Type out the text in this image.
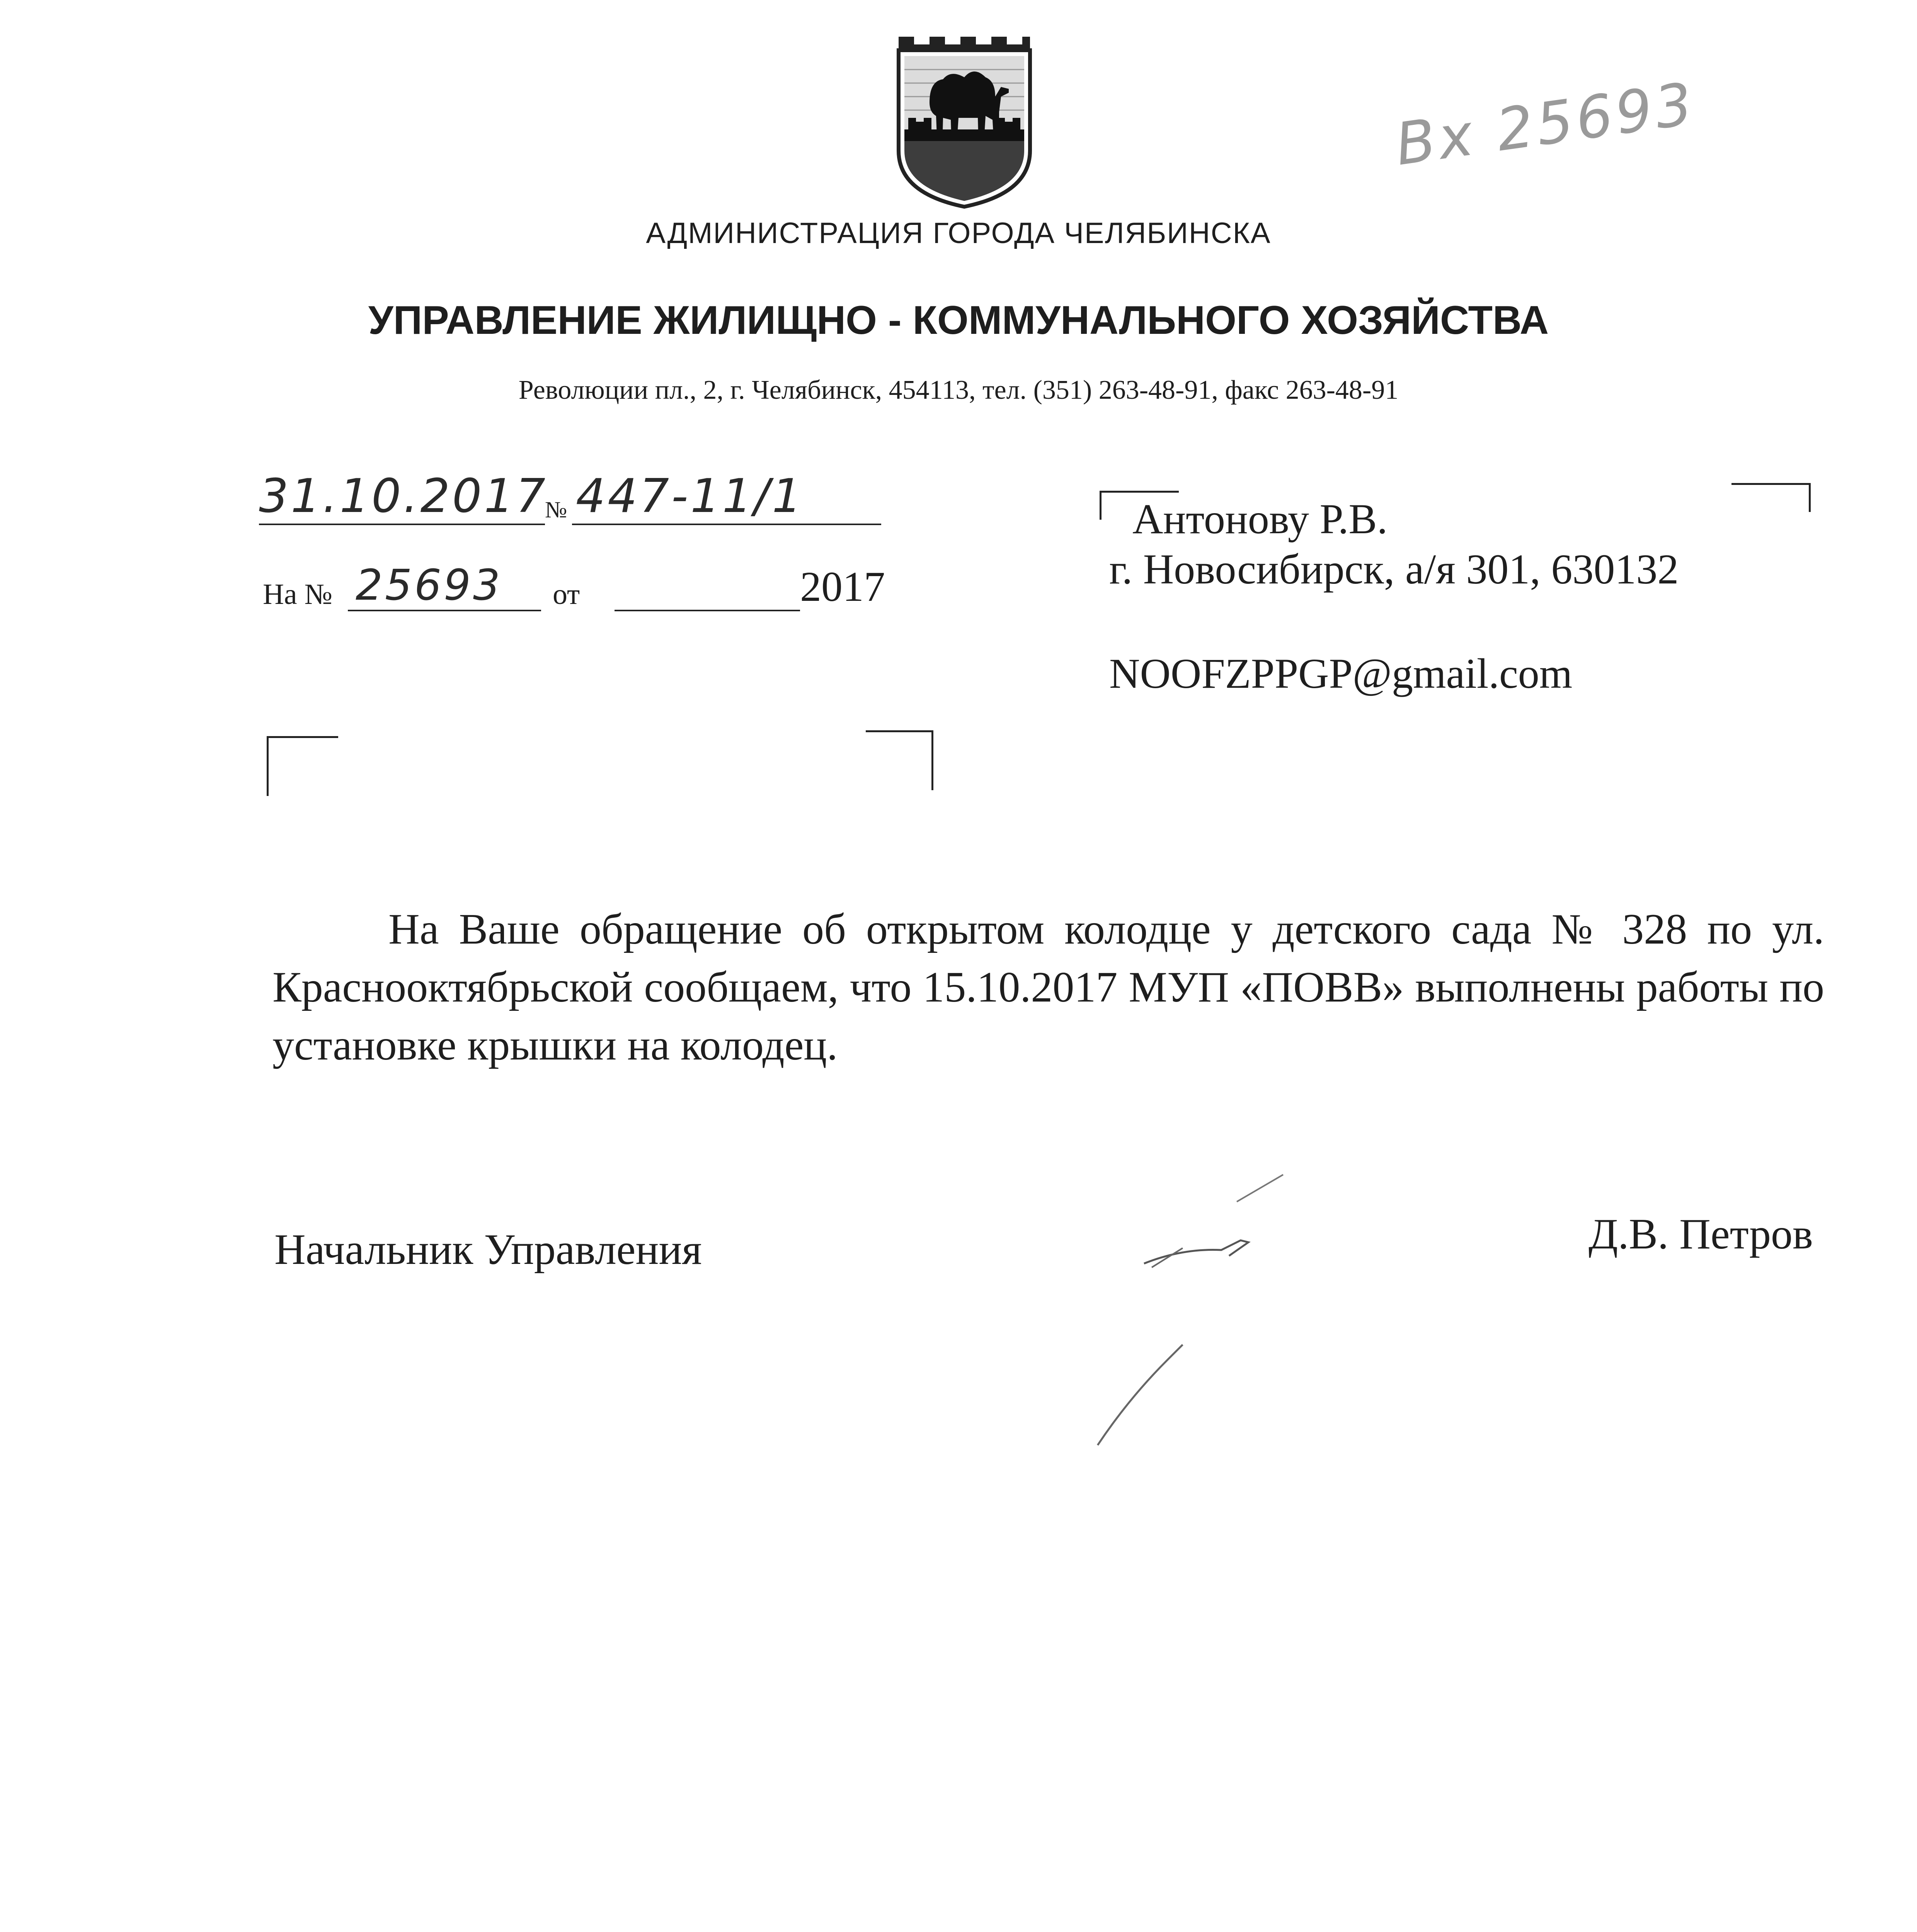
Вх 25693
АДМИНИСТРАЦИЯ ГОРОДА ЧЕЛЯБИНСКА
УПРАВЛЕНИЕ ЖИЛИЩНО - КОММУНАЛЬНОГО ХОЗЯЙСТВА
Революции пл., 2, г. Челябинск, 454113, тел. (351) 263-48-91, факс 263-48-91
31.10.2017
№ 447-11/1
На № 25693 от	2017
Антонову Р.В.
г. Новосибирск, а/я 301, 630132
NOOFZPPGP@gmail.com
На Ваше обращение об открытом колодце у детского сада № 328 по ул. Краснооктябрьской сообщаем, что 15.10.2017 МУП «ПОВВ» выполнены работы по установке крышки на колодец.
Начальник Управления	Д.В. Петров
